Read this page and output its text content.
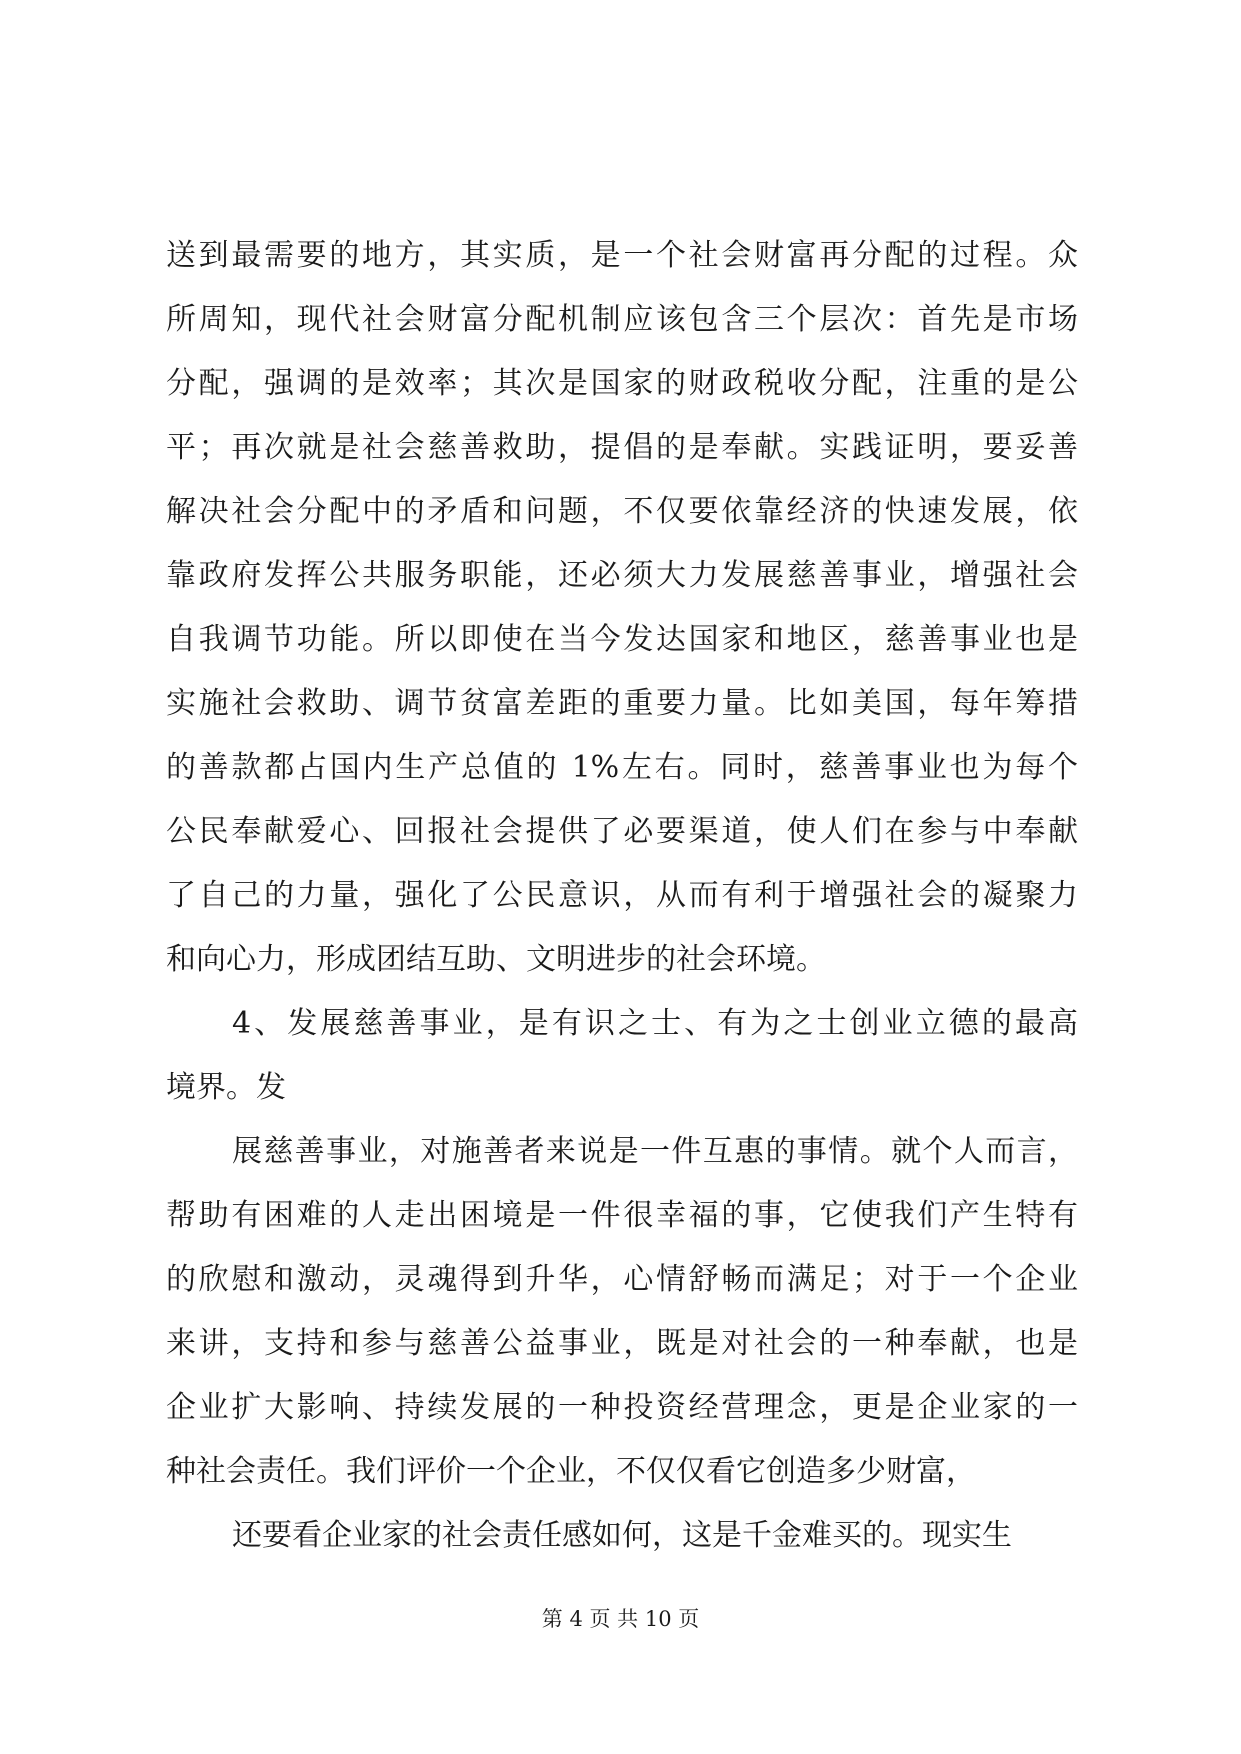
送到最需要的地方，其实质，是一个社会财富再分配的过程。众
所周知，现代社会财富分配机制应该包含三个层次：首先是市场
分配，强调的是效率；其次是国家的财政税收分配，注重的是公
平；再次就是社会慈善救助，提倡的是奉献。实践证明，要妥善
解决社会分配中的矛盾和问题，不仅要依靠经济的快速发展，依
靠政府发挥公共服务职能，还必须大力发展慈善事业，增强社会
自我调节功能。所以即使在当今发达国家和地区，慈善事业也是
实施社会救助、调节贫富差距的重要力量。比如美国，每年筹措
的善款都占国内生产总值的 1%左右。同时，慈善事业也为每个
公民奉献爱心、回报社会提供了必要渠道，使人们在参与中奉献
了自己的力量，强化了公民意识，从而有利于增强社会的凝聚力
和向心力，形成团结互助、文明进步的社会环境。
4、发展慈善事业，是有识之士、有为之士创业立德的最高
境界。发
展慈善事业，对施善者来说是一件互惠的事情。就个人而言，
帮助有困难的人走出困境是一件很幸福的事，它使我们产生特有
的欣慰和激动，灵魂得到升华，心情舒畅而满足；对于一个企业
来讲，支持和参与慈善公益事业，既是对社会的一种奉献，也是
企业扩大影响、持续发展的一种投资经营理念，更是企业家的一
种社会责任。我们评价一个企业，不仅仅看它创造多少财富，
还要看企业家的社会责任感如何，这是千金难买的。现实生
第 4 页 共 10 页
